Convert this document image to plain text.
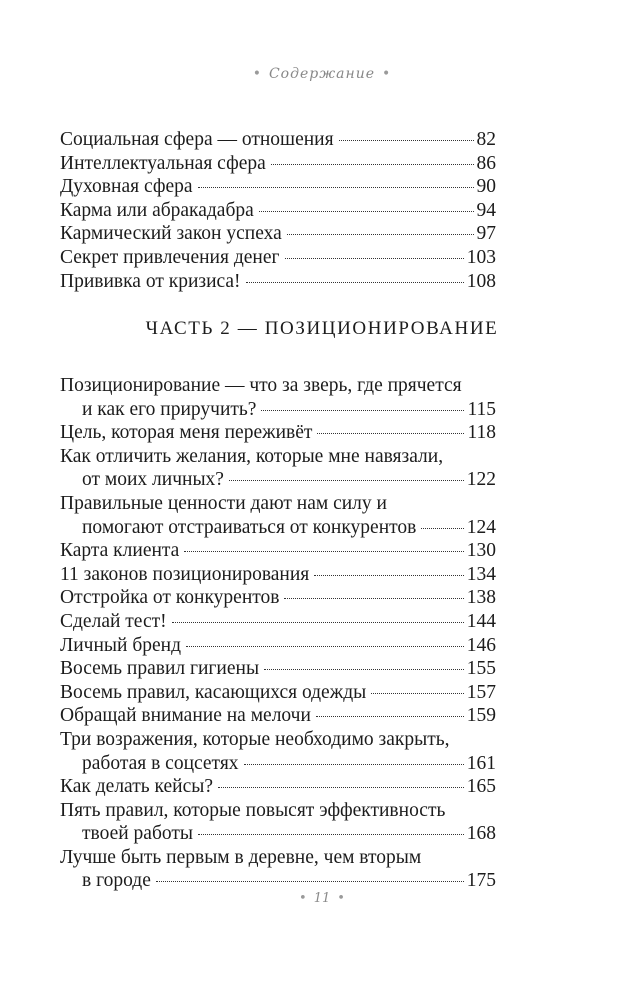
• Содержание •
Социальная сфера — отношения	82
Интеллектуальная сфера	86
Духовная сфера	90
Карма или абракадабра	94
Кармический закон успеха	97
Секрет привлечения денег	103
Прививка от кризиса!	108
ЧАСТЬ 2 — ПОЗИЦИОНИРОВАНИЕ
Позиционирование — что за зверь, где прячется
и как его приручить?	115
Цель, которая меня переживёт	118
Как отличить желания, которые мне навязали,
от моих личных?	122
Правильные ценности дают нам силу и
помогают отстраиваться от конкурентов	124
Карта клиента	130
11 законов позиционирования	134
Отстройка от конкурентов	138
Сделай тест!	144
Личный бренд	146
Восемь правил гигиены	155
Восемь правил, касающихся одежды	157
Обращай внимание на мелочи	159
Три возражения, которые необходимо закрыть,
работая в соцсетях	161
Как делать кейсы?	165
Пять правил, которые повысят эффективность
твоей работы	168
Лучше быть первым в деревне, чем вторым
в городе	175
• 11 •
